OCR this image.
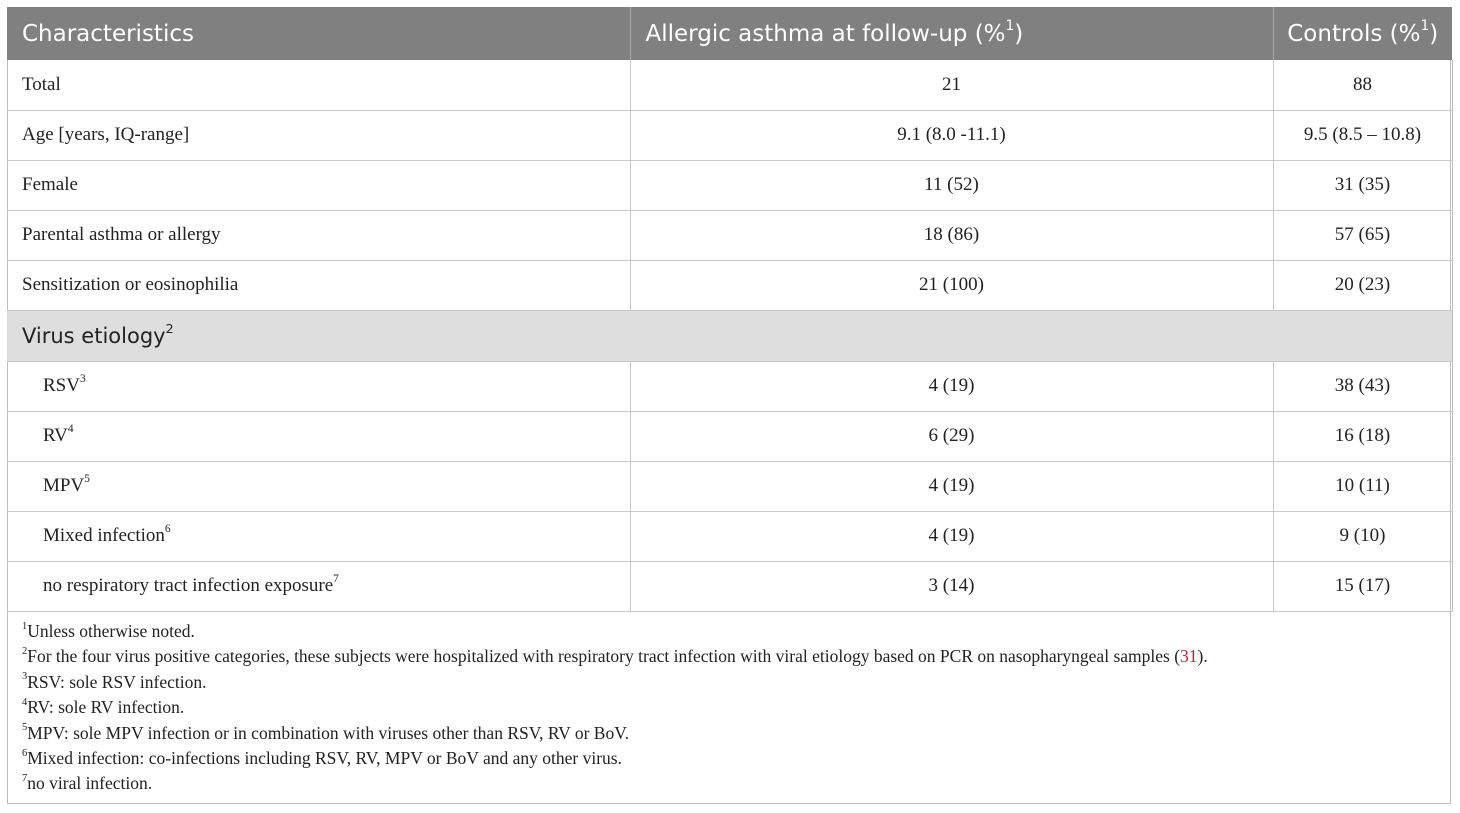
Characteristics	Allergic asthma at follow-up (%$^1$)	Controls (%$^1$)
Total	21	88
Age [years, IQ-range]	9.1 (8.0 -11.1)	9.5 (8.5 – 10.8)
Female	11 (52)	31 (35)
Parental asthma or allergy	18 (86)	57 (65)
Sensitization or eosinophilia	21 (100)	20 (23)
Virus etiology$^2$
RSV$^3$	4 (19)	38 (43)
$RV^4$	6 (29)	16 (18)
MPV$^5$	4 (19)	10 (11)
Mixed infection$^6$	4 (19)	9 (10)
no respiratory tract infection exposure$^7$	3 (14)	15 (17)
$^1$Unless otherwise noted.
$^2$For the four virus positive categories, these subjects were hospitalized with respiratory tract infection with viral etiology based on PCR on nasopharyngeal samples (31).
$^3$RSV: sole RSV infection.
$^4$RV: sole RV infection.
$^5$MPV: sole MPV infection or in combination with viruses other than RSV, RV or BoV.
$^6$Mixed infection: co-infections including RSV, RV, MPV or BoV and any other virus.
$^7$no viral infection.
